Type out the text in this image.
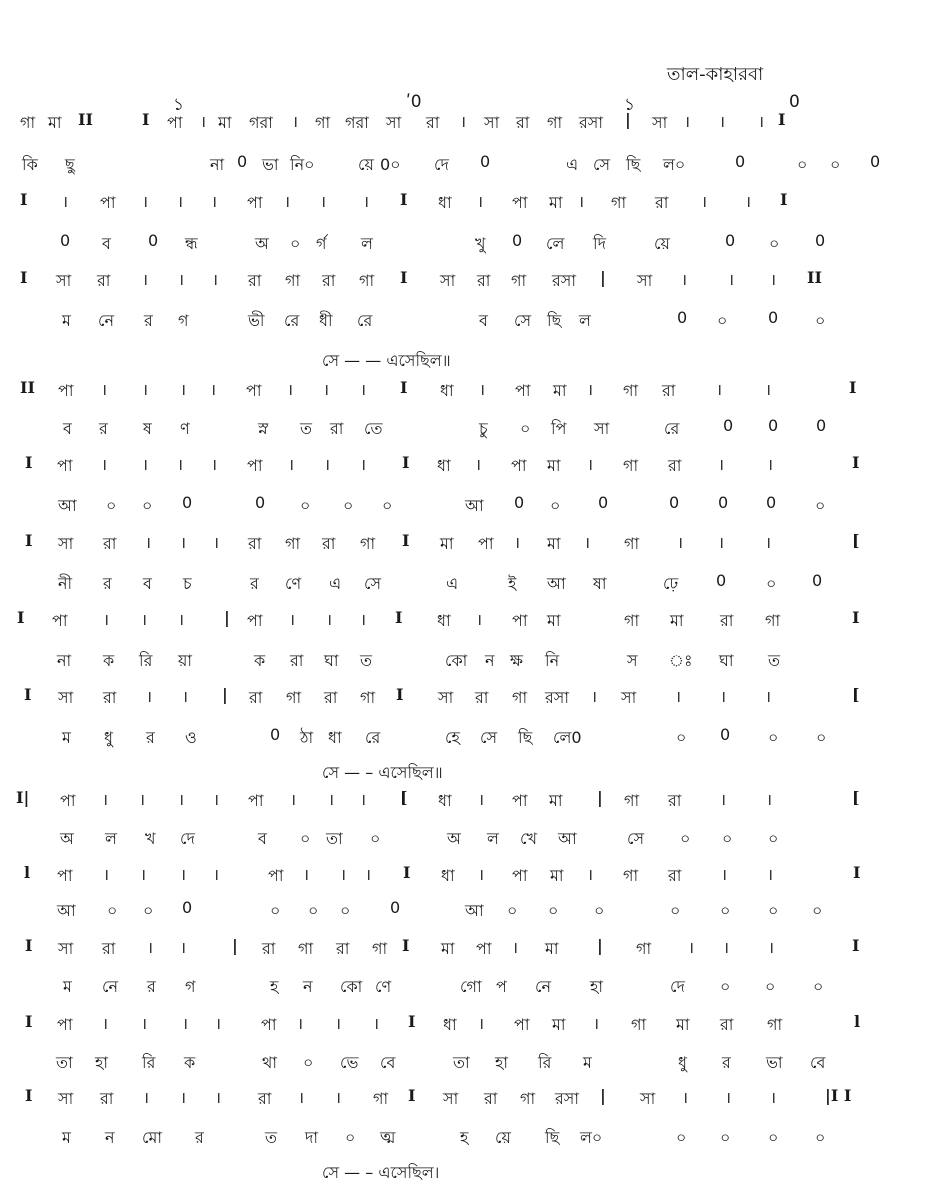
তাল-কাহারবা
১	ʹ0	১	0
গা মা II	I পা । মা গরা । গা গরা সা রা । সা রা গা রসা | সা । । । I
কি ছু	না 0 ভা নি০	য়ে 0০ দে 0	এ সে ছি ল০	0	০ ০ 0
I । পা । । । পা । । । I ধা । পা মা । গা রা । । I
0 ব 0 ন্ধ	অ ০ র্গ ল	খু 0 লে দি	য়ে	0 ০ 0
I সা রা । । । রা গা রা গা I সা রা গা রসা | সা ।	। । II
ম নে র গ	ভী রে ধী রে	ব সে ছি ল	0 ০	0 ০
সে — — এসেছিল॥
II পা । । । । পা । । । I ধা । পা মা । গা রা	।	।	I
ব র ষ ণ	স্ন ত রা তে	চু ০ পি সা	রে	0 0 0
I পা । । । । পা । । । I ধা । পা মা । গা রা ।	।	I
আ ০ ০ 0	0 ০ ০ ০	আ 0 ০ 0	0 0 0 ০
I সা রা । । । রা গা রা গা I মা পা । মা । গা । ।	।	[
নী র ব চ	র ণে এ সে	এ	ই আ ষা	ঢ়ে 0 ০ 0
I পা । । । | পা । । । I ধা । পা মা	গা মা রা গা	I
না ক রি য়া	ক রা ঘা ত	কো ন ক্ষ নি	স ঃ ঘা ত
I সা রা । । | রা গা রা গা I সা রা গা রসা । সা । । ।	[
ম ধু র ও	0 ঠা ধা রে	হে সে ছি লে0	০ 0 ০ ০
সে — – এসেছিল॥
I| পা । । । । পা । । । [ ধা । পা মা | গা রা । ।	[
অ ল খ দে	ব ০ তা ০	অ ল খে আ	সে ০ ০ ০
l পা । । । ।	পা । । । I ধা । পা মা । গা রা । ।	I
আ ০ ০ 0	০ ০ ০ 0	আ ০ ০ ০	০ ০ ০ ০
I সা রা । ।	| রা গা রা গা I মা পা । মা | গা । । ।	I
ম নে র গ	হ ন কো ণে	গো প নে হা	দে ০ ০ ০
I পা । । । । পা । । । I ধা । পা মা । গা মা রা গা	l
তা হা রি ক	থা ০ ভে বে	তা হা রি ম	ধু র ভা বে
I সা রা । । । রা । । গা I সা রা গা রসা | সা । । ।	|I I
ম ন মো র	ত দা ০ ত্ম	হ য়ে ছি ল০	০ ০ ০ ০
সে — – এসেছিল।
